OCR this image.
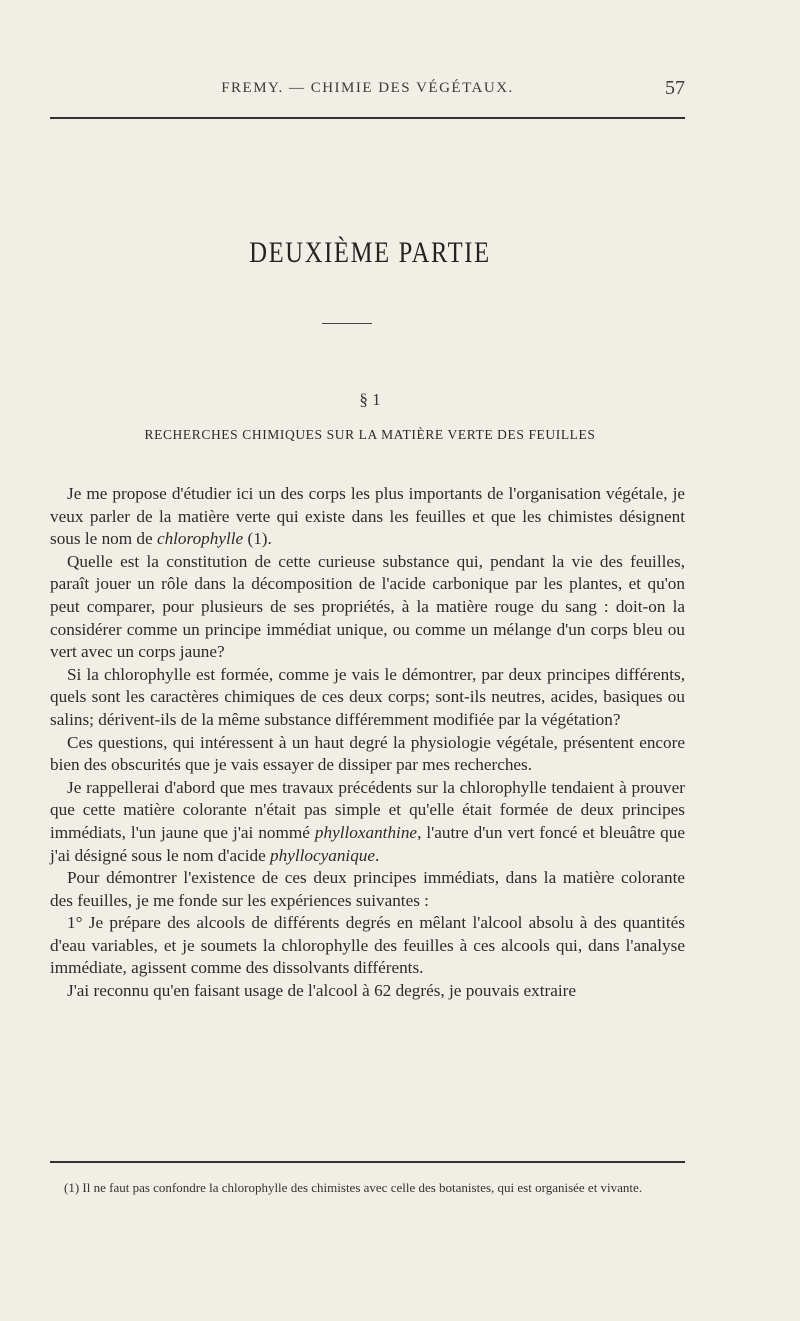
FREMY. — CHIMIE DES VÉGÉTAUX.	57
DEUXIÈME PARTIE
§ 1
RECHERCHES CHIMIQUES SUR LA MATIÈRE VERTE DES FEUILLES

Je me propose d'étudier ici un des corps les plus importants de l'organisation végétale, je veux parler de la matière verte qui existe dans les feuilles et que les chimistes désignent sous le nom de chlorophylle (1).

Quelle est la constitution de cette curieuse substance qui, pendant la vie des feuilles, paraît jouer un rôle dans la décomposition de l'acide carbonique par les plantes, et qu'on peut comparer, pour plusieurs de ses propriétés, à la matière rouge du sang : doit-on la considérer comme un principe immédiat unique, ou comme un mélange d'un corps bleu ou vert avec un corps jaune?

Si la chlorophylle est formée, comme je vais le démontrer, par deux principes différents, quels sont les caractères chimiques de ces deux corps; sont-ils neutres, acides, basiques ou salins; dérivent-ils de la même substance différemment modifiée par la végétation?

Ces questions, qui intéressent à un haut degré la physiologie végétale, présentent encore bien des obscurités que je vais essayer de dissiper par mes recherches.

Je rappellerai d'abord que mes travaux précédents sur la chlorophylle tendaient à prouver que cette matière colorante n'était pas simple et qu'elle était formée de deux principes immédiats, l'un jaune que j'ai nommé phylloxanthine, l'autre d'un vert foncé et bleuâtre que j'ai désigné sous le nom d'acide phyllocyanique.

Pour démontrer l'existence de ces deux principes immédiats, dans la matière colorante des feuilles, je me fonde sur les expériences suivantes :

1° Je prépare des alcools de différents degrés en mêlant l'alcool absolu à des quantités d'eau variables, et je soumets la chlorophylle des feuilles à ces alcools qui, dans l'analyse immédiate, agissent comme des dissolvants différents.

J'ai reconnu qu'en faisant usage de l'alcool à 62 degrés, je pouvais extraire

(1) Il ne faut pas confondre la chlorophylle des chimistes avec celle des botanistes, qui est organisée et vivante.
